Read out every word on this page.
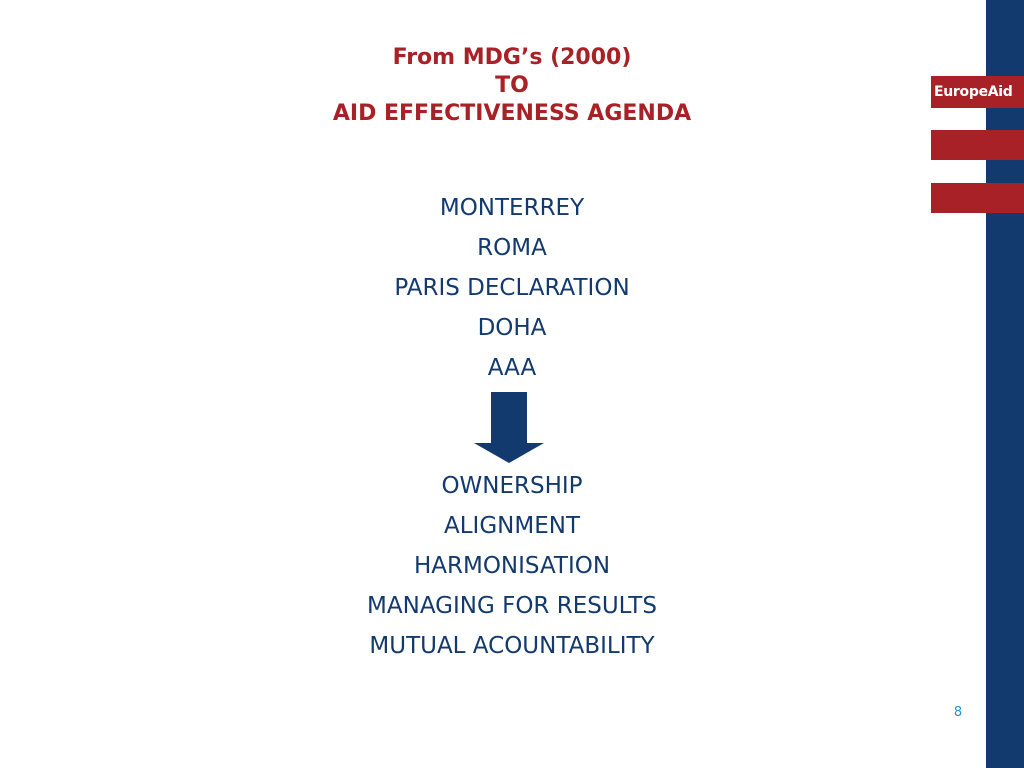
EuropeAid
From MDG’s (2000)
TO
AID EFFECTIVENESS AGENDA
MONTERREY
ROMA
PARIS DECLARATION
DOHA
AAA
OWNERSHIP
ALIGNMENT
HARMONISATION
MANAGING FOR RESULTS
MUTUAL ACOUNTABILITY
8
